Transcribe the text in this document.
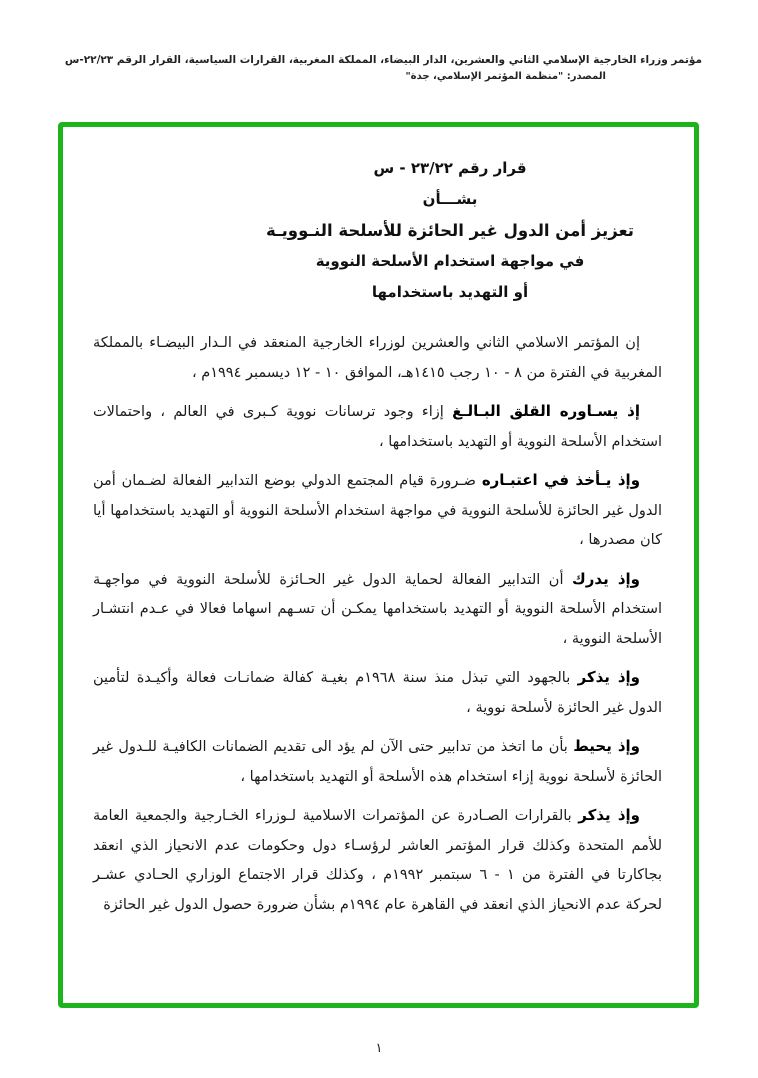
مؤتمر وزراء الخارجية الإسلامي الثاني والعشرين، الدار البيضاء، المملكة المغربية، القرارات السياسية، القرار الرقم ٢٢/٢٣-س
المصدر: "منظمة المؤتمر الإسلامي، جدة"
قرار رقم ٢٣/٢٢ - س
بشـــأن
تعزيز أمن الدول غير الحائزة للأسلحة النـوويـة
في مواجهة استخدام الأسلحة النووية
أو التهديد باستخدامها

إن المؤتمر الاسلامي الثاني والعشرين لوزراء الخارجية المنعقد في الـدار البيضـاء بالمملكة المغربية في الفترة من ٨ - ١٠ رجب ١٤١٥هـ، الموافق ١٠ - ١٢ ديسمبر ١٩٩٤م ،

إذ يسـاوره القلق البـالـغ إزاء وجود ترسانات نووية كـبرى في العالم ، واحتمالات استخدام الأسلحة النووية أو التهديد باستخدامها ،

وإذ يـأخذ في اعتبـاره ضـرورة قيام المجتمع الدولي بوضع التدابير الفعالة لضـمان أمن الدول غير الحائزة للأسلحة النووية في مواجهة استخدام الأسلحة النووية أو التهديد باستخدامها أيا كان مصدرها ،

وإذ يدرك أن التدابير الفعالة لحماية الدول غير الحـائزة للأسلحة النووية في مواجهـة استخدام الأسلحة النووية أو التهديد باستخدامها يمكـن أن تسـهم اسهاما فعالا في عـدم انتشـار الأسلحة النووية ،

وإذ يذكر بالجهود التي تبذل منذ سنة ١٩٦٨م بغيـة كفالة ضمانـات فعالة وأكيـدة لتأمين الدول غير الحائزة لأسلحة نووية ،

وإذ يحيط بأن ما اتخذ من تدابير حتى الآن لم يؤد الى تقديم الضمانات الكافيـة للـدول غير الحائزة لأسلحة نووية إزاء استخدام هذه الأسلحة أو التهديد باستخدامها ،

وإذ يذكر بالقرارات الصـادرة عن المؤتمرات الاسلامية لـوزراء الخـارجية والجمعية العامة للأمم المتحدة وكذلك قرار المؤتمر العاشر لرؤسـاء دول وحكومات عدم الانحياز الذي انعقد بجاكارتا في الفترة من ١ - ٦ سبتمبر ١٩٩٢م ، وكذلك قرار الاجتماع الوزاري الحـادي عشـر لحركة عدم الانحياز الذي انعقد في القاهرة عام ١٩٩٤م بشأن ضرورة حصول الدول غير الحائزة

١
